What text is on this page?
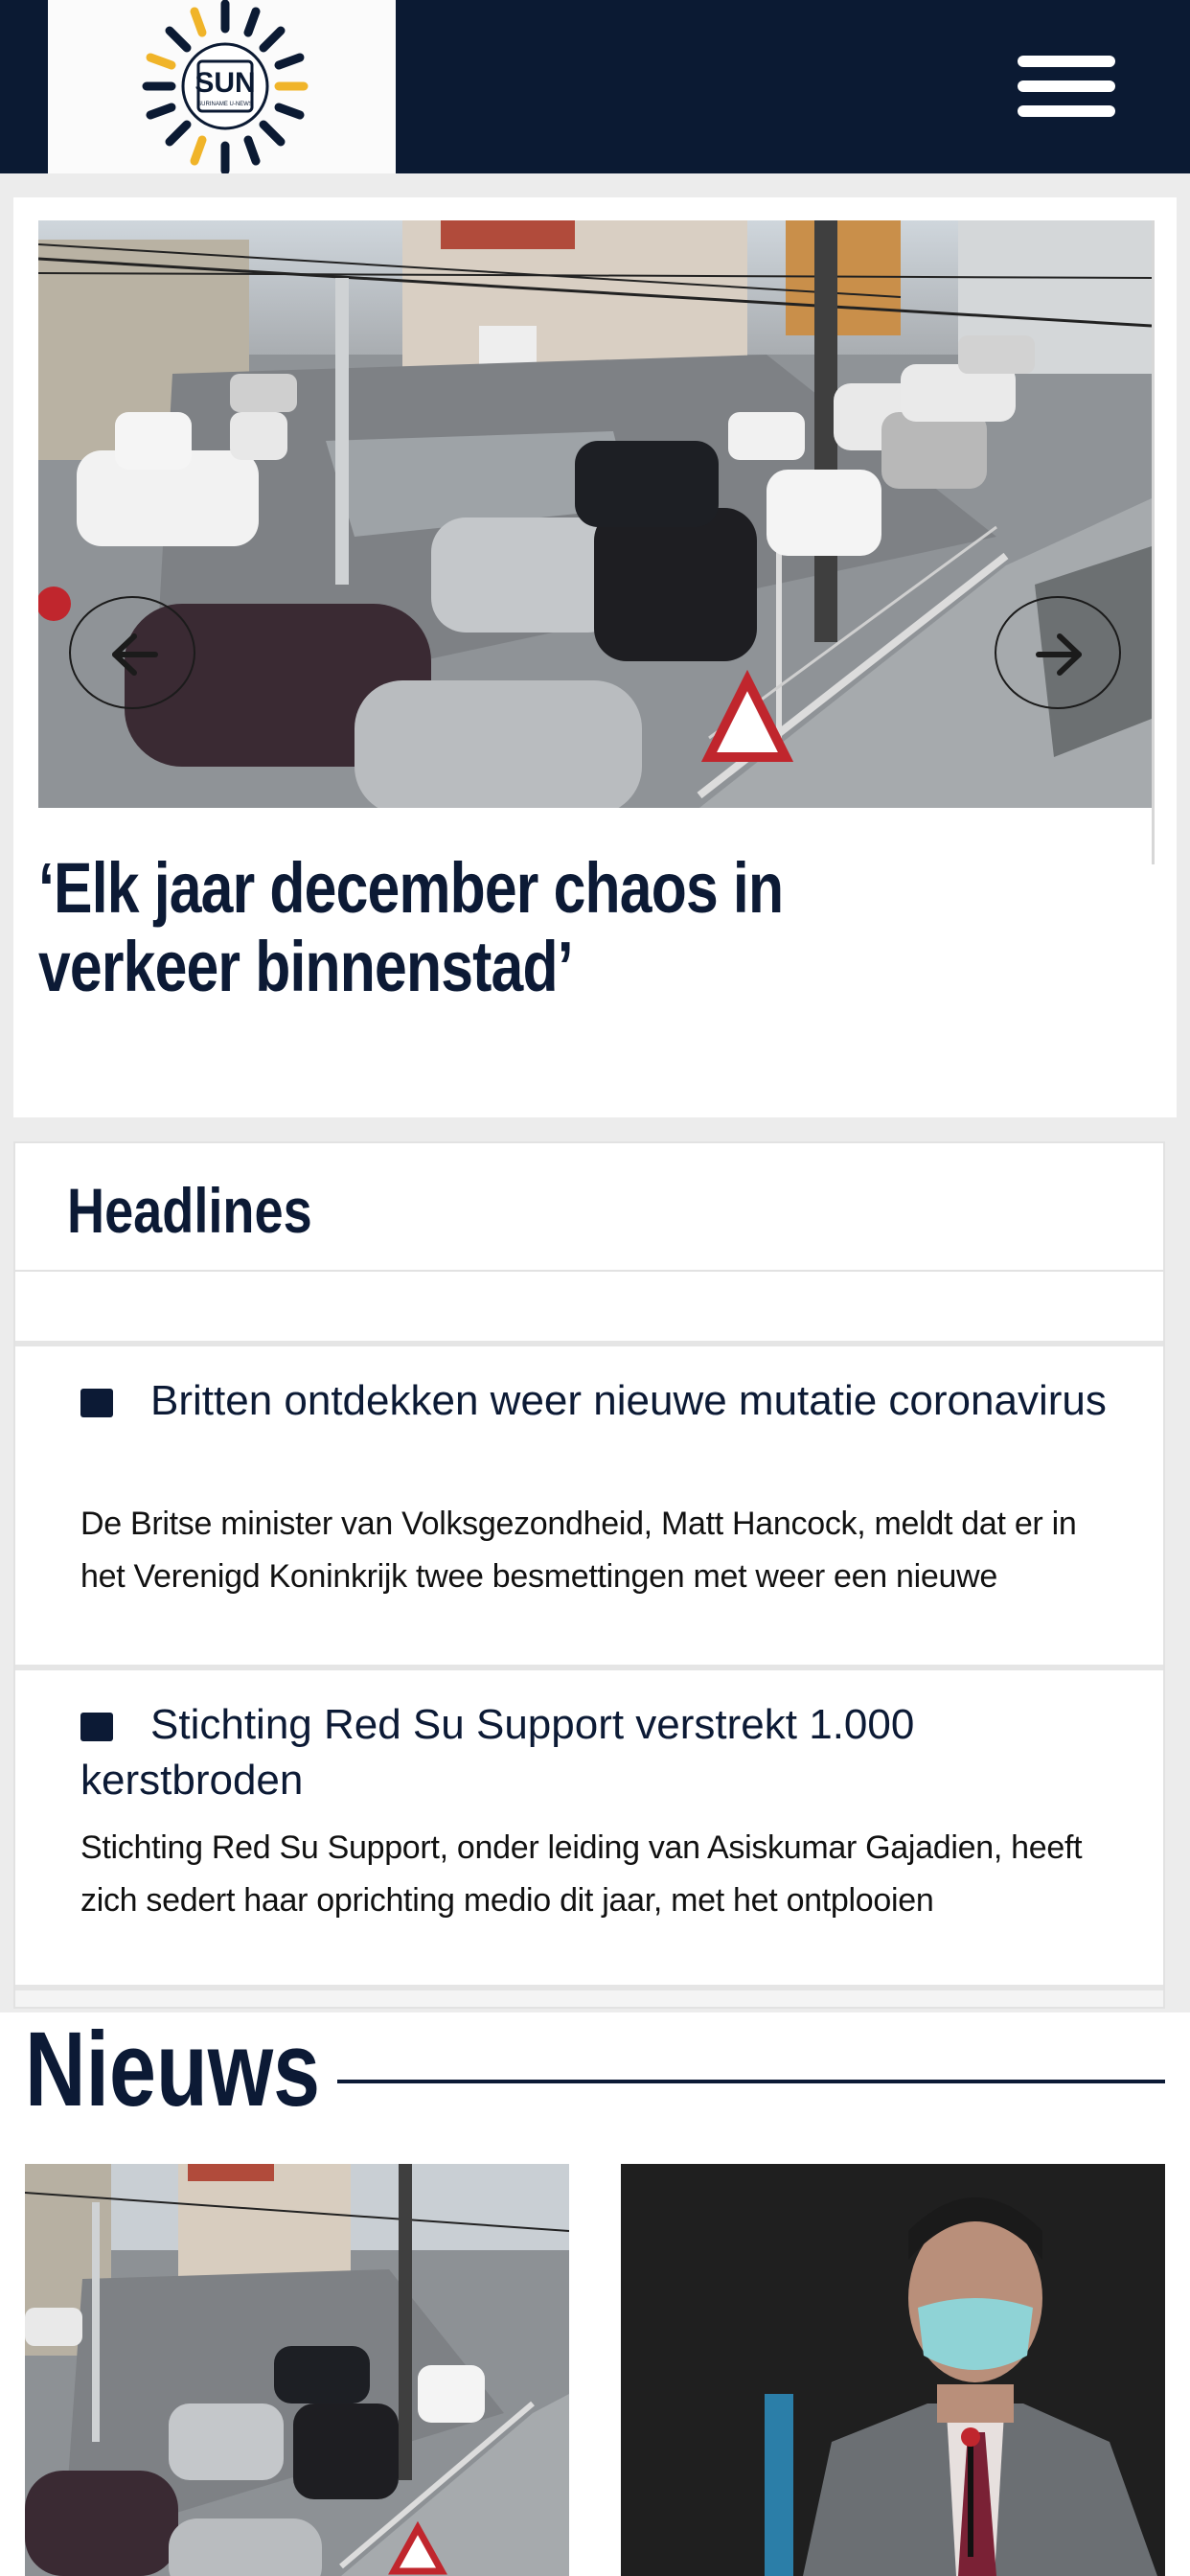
SUN
SURINAME U-NEWS
‘Elk jaar december chaos in verkeer binnenstad’
Headlines
Britten ontdekken weer nieuwe mutatie coronavirus
De Britse minister van Volksgezondheid, Matt Hancock, meldt dat er in het Verenigd Koninkrijk twee besmettingen met weer een nieuwe
Stichting Red Su Support verstrekt 1.000 kerstbroden
Stichting Red Su Support, onder leiding van Asiskumar Gajadien, heeft zich sedert haar oprichting medio dit jaar, met het ontplooien
Nieuws
